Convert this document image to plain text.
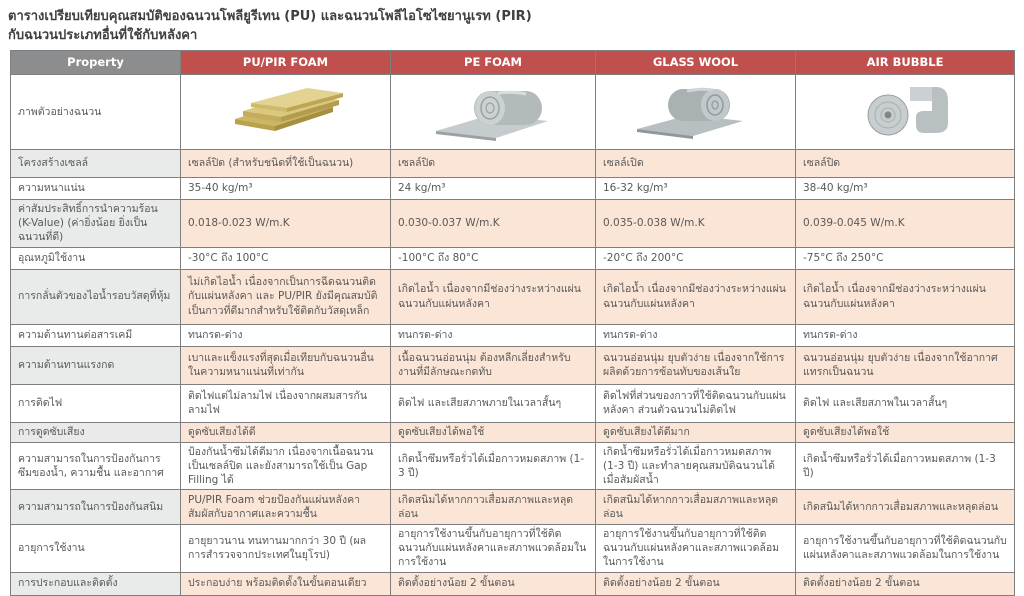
ตารางเปรียบเทียบคุณสมบัติของฉนวนโพลียูรีเทน (PU) และฉนวนโพลีไอโซไซยานูเรท (PIR)
กับฉนวนประเภทอื่นที่ใช้กับหลังคา
Property	PU/PIR FOAM	PE FOAM	GLASS WOOL	AIR BUBBLE
ภาพตัวอย่างฉนวน				
โครงสร้างเซลล์	เซลล์ปิด (สำหรับชนิดที่ใช้เป็นฉนวน)	เซลล์ปิด	เซลล์เปิด	เซลล์ปิด
ความหนาแน่น	35-40 kg/m³	24 kg/m³	16-32 kg/m³	38-40 kg/m³
ค่าสัมประสิทธิ์การนำความร้อน (K-Value) (ค่ายิ่งน้อย ยิ่งเป็นฉนวนที่ดี)	0.018-0.023 W/m.K	0.030-0.037 W/m.K	0.035-0.038 W/m.K	0.039-0.045 W/m.K
อุณหภูมิใช้งาน	-30°C ถึง 100°C	-100°C ถึง 80°C	-20°C ถึง 200°C	-75°C ถึง 250°C
การกลั่นตัวของไอน้ำรอบวัสดุที่หุ้ม	ไม่เกิดไอน้ำ เนื่องจากเป็นการฉีดฉนวนติดกับแผ่นหลังคา และ PU/PIR ยังมีคุณสมบัติเป็นกาวที่ดีมากสำหรับใช้ติดกับวัสดุเหล็ก	เกิดไอน้ำ เนื่องจากมีช่องว่างระหว่างแผ่นฉนวนกับแผ่นหลังคา	เกิดไอน้ำ เนื่องจากมีช่องว่างระหว่างแผ่นฉนวนกับแผ่นหลังคา	เกิดไอน้ำ เนื่องจากมีช่องว่างระหว่างแผ่นฉนวนกับแผ่นหลังคา
ความต้านทานต่อสารเคมี	ทนกรด-ด่าง	ทนกรด-ด่าง	ทนกรด-ด่าง	ทนกรด-ด่าง
ความต้านทานแรงกด	เบาและแข็งแรงที่สุดเมื่อเทียบกับฉนวนอื่นในความหนาแน่นที่เท่ากัน	เนื้อฉนวนอ่อนนุ่ม ต้องหลีกเลี่ยงสำหรับงานที่มีลักษณะกดทับ	ฉนวนอ่อนนุ่ม ยุบตัวง่าย เนื่องจากใช้การผลิตด้วยการซ้อนทับของเส้นใย	ฉนวนอ่อนนุ่ม ยุบตัวง่าย เนื่องจากใช้อากาศแทรกเป็นฉนวน
การติดไฟ	ติดไฟแต่ไม่ลามไฟ เนื่องจากผสมสารกันลามไฟ	ติดไฟ และเสียสภาพภายในเวลาสั้นๆ	ติดไฟที่ส่วนของกาวที่ใช้ติดฉนวนกับแผ่นหลังคา ส่วนตัวฉนวนไม่ติดไฟ	ติดไฟ และเสียสภาพในเวลาสั้นๆ
การดูดซับเสียง	ดูดซับเสียงได้ดี	ดูดซับเสียงได้พอใช้	ดูดซับเสียงได้ดีมาก	ดูดซับเสียงได้พอใช้
ความสามารถในการป้องกันการซึมของน้ำ, ความชื้น และอากาศ	ป้องกันน้ำซึมได้ดีมาก เนื่องจากเนื้อฉนวนเป็นเซลล์ปิด และยังสามารถใช้เป็น Gap Filling ได้	เกิดน้ำซึมหรือรั่วได้เมื่อกาวหมดสภาพ (1-3 ปี)	เกิดน้ำซึมหรือรั่วได้เมื่อกาวหมดสภาพ (1-3 ปี) และทำลายคุณสมบัติฉนวนได้เมื่อสัมผัสน้ำ	เกิดน้ำซึมหรือรั่วได้เมื่อกาวหมดสภาพ (1-3 ปี)
ความสามารถในการป้องกันสนิม	PU/PIR Foam ช่วยป้องกันแผ่นหลังคาสัมผัสกับอากาศและความชื้น	เกิดสนิมได้หากกาวเสื่อมสภาพและหลุดล่อน	เกิดสนิมได้หากกาวเสื่อมสภาพและหลุดล่อน	เกิดสนิมได้หากกาวเสื่อมสภาพและหลุดล่อน
อายุการใช้งาน	อายุยาวนาน ทนทานมากกว่า 30 ปี (ผลการสำรวจจากประเทศในยุโรป)	อายุการใช้งานขึ้นกับอายุกาวที่ใช้ติดฉนวนกับแผ่นหลังคาและสภาพแวดล้อมในการใช้งาน	อายุการใช้งานขึ้นกับอายุกาวที่ใช้ติดฉนวนกับแผ่นหลังคาและสภาพแวดล้อมในการใช้งาน	อายุการใช้งานขึ้นกับอายุกาวที่ใช้ติดฉนวนกับแผ่นหลังคาและสภาพแวดล้อมในการใช้งาน
การประกอบและติดตั้ง	ประกอบง่าย พร้อมติดตั้งในขั้นตอนเดียว	ติดตั้งอย่างน้อย 2 ขั้นตอน	ติดตั้งอย่างน้อย 2 ขั้นตอน	ติดตั้งอย่างน้อย 2 ขั้นตอน
